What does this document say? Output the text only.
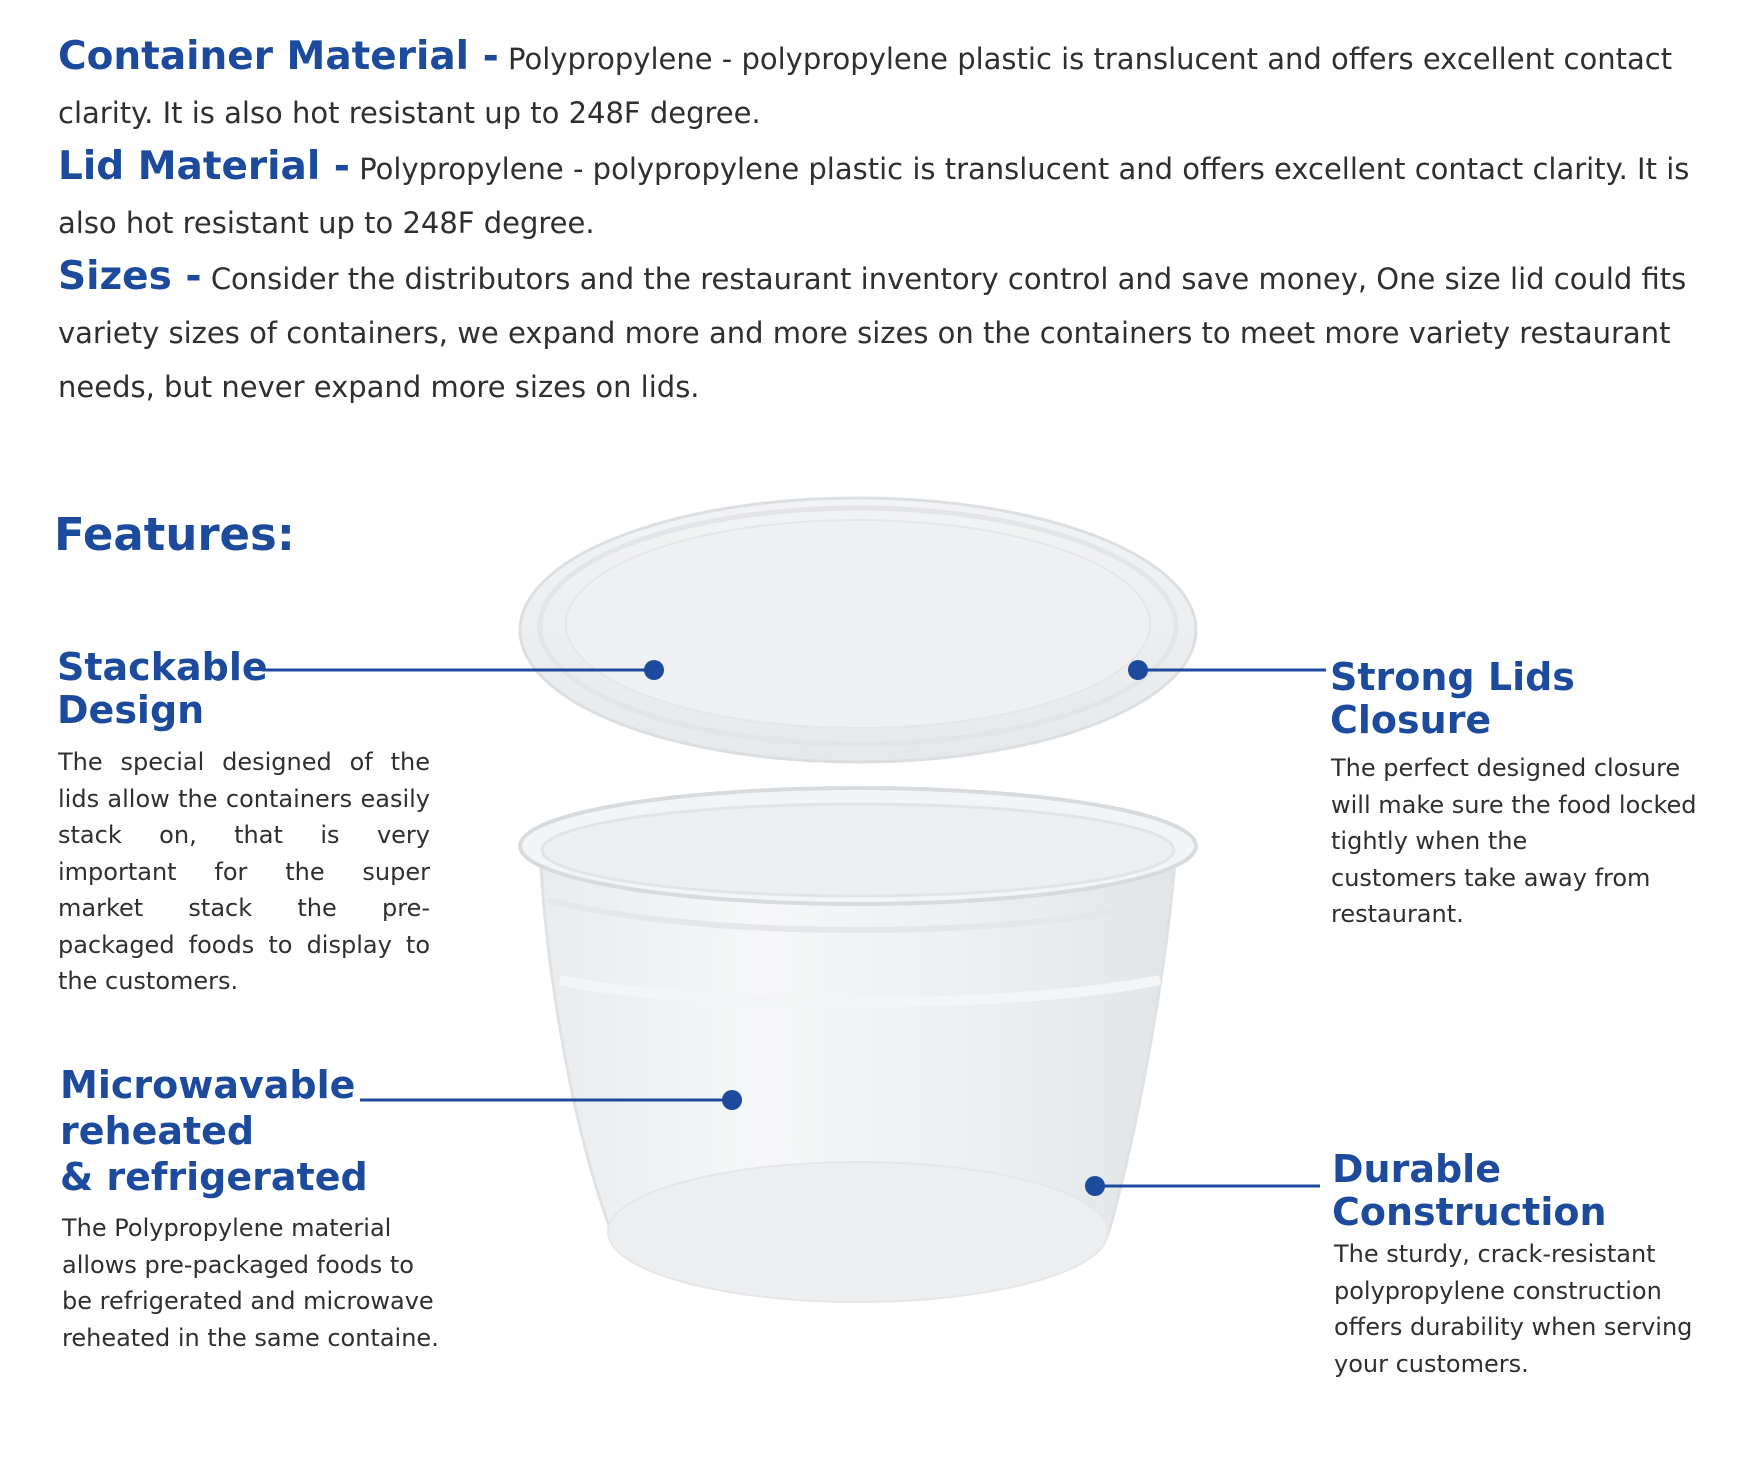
Container Material - Polypropylene - polypropylene plastic is translucent and offers excellent contact clarity. It is also hot resistant up to 248F degree.

Lid Material - Polypropylene - polypropylene plastic is translucent and offers excellent contact clarity. It is also hot resistant up to 248F degree.

Sizes - Consider the distributors and the restaurant inventory control and save money, One size lid could fits variety sizes of containers, we expand more and more sizes on the containers to meet more variety restaurant needs, but never expand more sizes on lids.

Features:
Stackable
Design

The special designed of the lids allow the containers easily stack on, that is very important for the super market stack the pre-packaged foods to display to the customers.

Strong Lids
Closure

The perfect designed closure
will make sure the food locked
tightly when the
customers take away from
restaurant.

Microwavable
reheated
& refrigerated

The Polypropylene material
allows pre-packaged foods to
be refrigerated and microwave
reheated in the same containe.

Durable
Construction

The sturdy, crack-resistant
polypropylene construction
offers durability when serving
your customers.
